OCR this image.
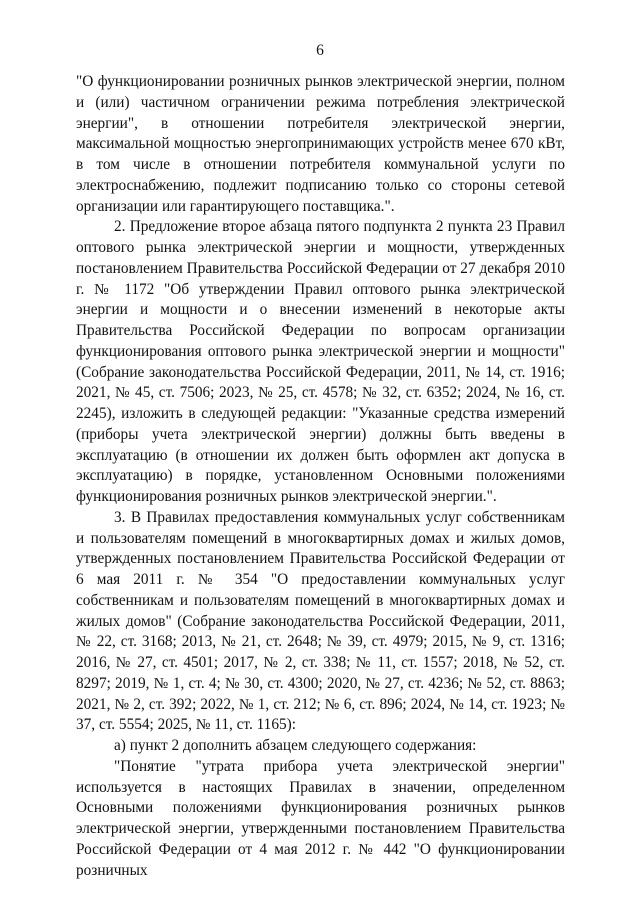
6

"О функционировании розничных рынков электрической энергии, полном и (или) частичном ограничении режима потребления электрической энергии", в отношении потребителя электрической энергии, максимальной мощностью энергопринимающих устройств менее 670 кВт, в том числе в отношении потребителя коммунальной услуги по электроснабжению, подлежит подписанию только со стороны сетевой организации или гарантирующего поставщика.".

2. Предложение второе абзаца пятого подпункта 2 пункта 23 Правил оптового рынка электрической энергии и мощности, утвержденных постановлением Правительства Российской Федерации от 27 декабря 2010 г. № 1172 "Об утверждении Правил оптового рынка электрической энергии и мощности и о внесении изменений в некоторые акты Правительства Российской Федерации по вопросам организации функционирования оптового рынка электрической энергии и мощности" (Собрание законодательства Российской Федерации, 2011, № 14, ст. 1916; 2021, № 45, ст. 7506; 2023, № 25, ст. 4578; № 32, ст. 6352; 2024, № 16, ст. 2245), изложить в следующей редакции: "Указанные средства измерений (приборы учета электрической энергии) должны быть введены в эксплуатацию (в отношении их должен быть оформлен акт допуска в эксплуатацию) в порядке, установленном Основными положениями функционирования розничных рынков электрической энергии.".

3. В Правилах предоставления коммунальных услуг собственникам и пользователям помещений в многоквартирных домах и жилых домов, утвержденных постановлением Правительства Российской Федерации от 6 мая 2011 г. № 354 "О предоставлении коммунальных услуг собственникам и пользователям помещений в многоквартирных домах и жилых домов" (Собрание законодательства Российской Федерации, 2011, № 22, ст. 3168; 2013, № 21, ст. 2648; № 39, ст. 4979; 2015, № 9, ст. 1316; 2016, № 27, ст. 4501; 2017, № 2, ст. 338; № 11, ст. 1557; 2018, № 52, ст. 8297; 2019, № 1, ст. 4; № 30, ст. 4300; 2020, № 27, ст. 4236; № 52, ст. 8863; 2021, № 2, ст. 392; 2022, № 1, ст. 212; № 6, ст. 896; 2024, № 14, ст. 1923; № 37, ст. 5554; 2025, № 11, ст. 1165):

а) пункт 2 дополнить абзацем следующего содержания:

"Понятие "утрата прибора учета электрической энергии" используется в настоящих Правилах в значении, определенном Основными положениями функционирования розничных рынков электрической энергии, утвержденными постановлением Правительства Российской Федерации от 4 мая 2012 г. № 442 "О функционировании розничных
